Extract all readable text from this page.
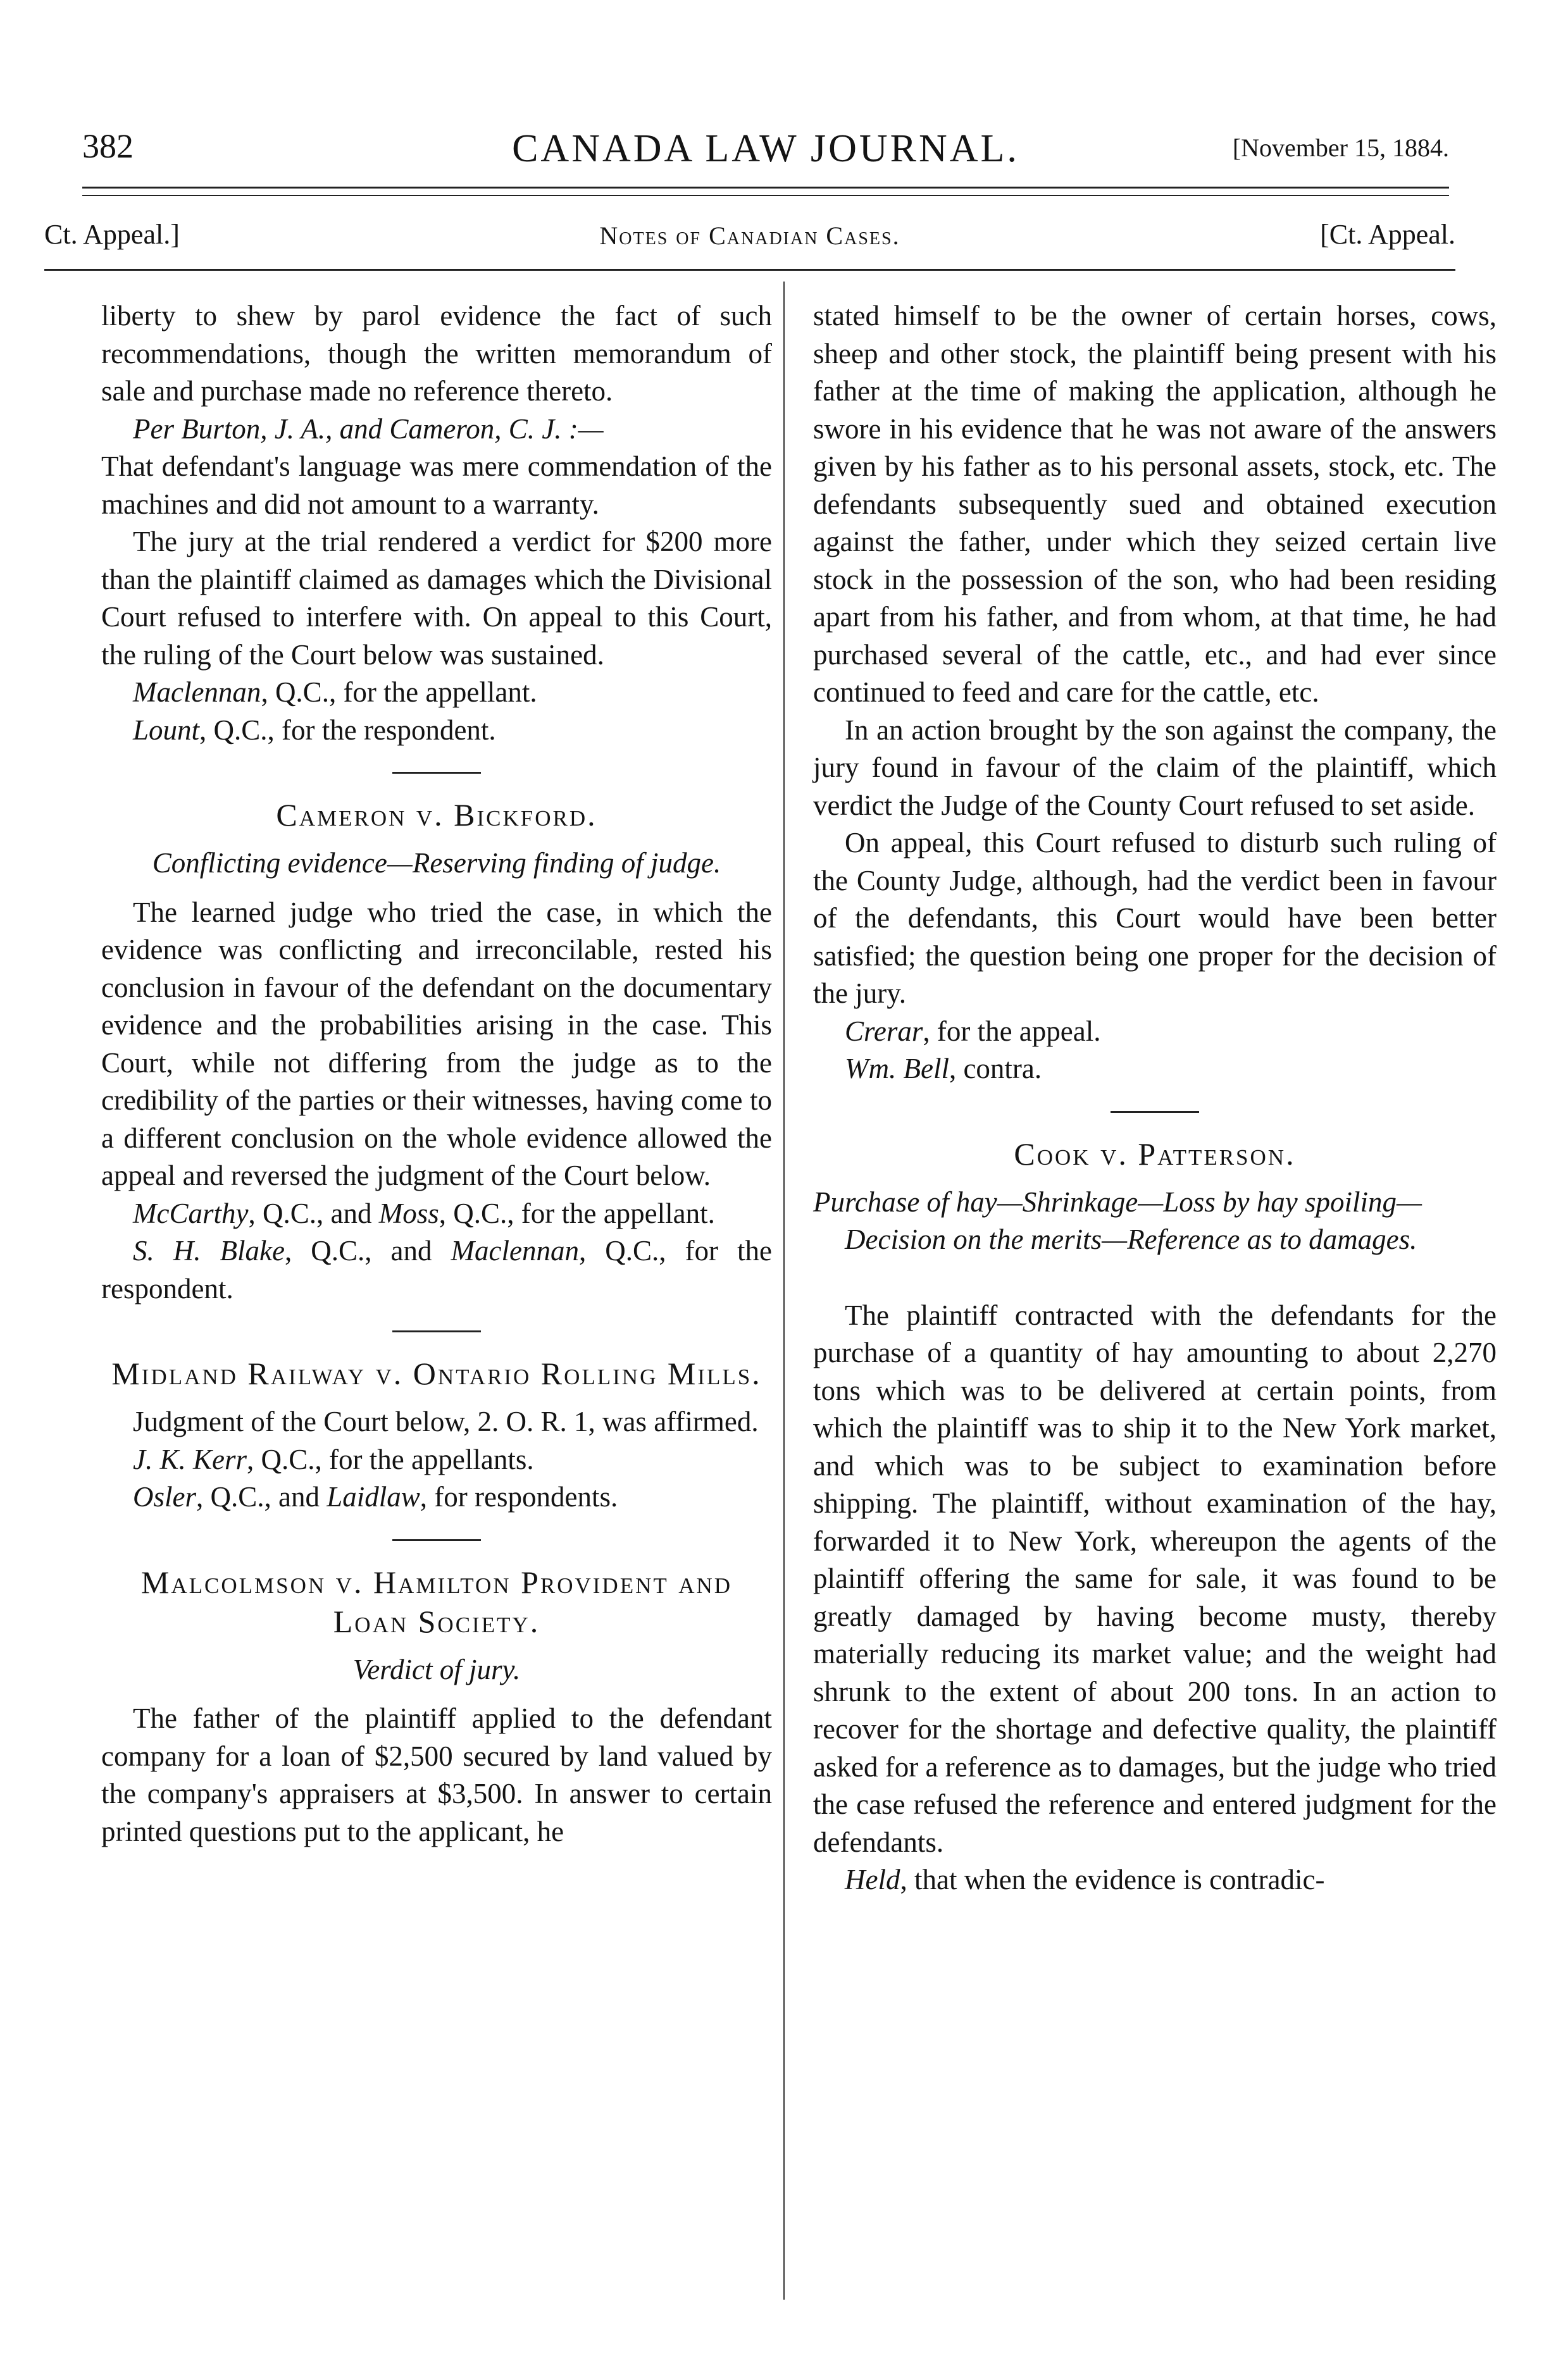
382	CANADA LAW JOURNAL.	[November 15, 1884.
Ct. Appeal.]	Notes of Canadian Cases.	[Ct. Appeal.

liberty to shew by parol evidence the fact of such recommendations, though the written memorandum of sale and purchase made no reference thereto.

Per Burton, J. A., and Cameron, C. J. :—

That defendant's language was mere commendation of the machines and did not amount to a warranty.

The jury at the trial rendered a verdict for $200 more than the plaintiff claimed as damages which the Divisional Court refused to interfere with. On appeal to this Court, the ruling of the Court below was sustained.

Maclennan, Q.C., for the appellant.

Lount, Q.C., for the respondent.

Cameron v. Bickford.
Conflicting evidence—Reserving finding of judge.

The learned judge who tried the case, in which the evidence was conflicting and irreconcilable, rested his conclusion in favour of the defendant on the documentary evidence and the probabilities arising in the case. This Court, while not differing from the judge as to the credibility of the parties or their witnesses, having come to a different conclusion on the whole evidence allowed the appeal and reversed the judgment of the Court below.

McCarthy, Q.C., and Moss, Q.C., for the appellant.

S. H. Blake, Q.C., and Maclennan, Q.C., for the respondent.

Midland Railway v. Ontario Rolling Mills.

Judgment of the Court below, 2. O. R. 1, was affirmed.

J. K. Kerr, Q.C., for the appellants.

Osler, Q.C., and Laidlaw, for respondents.

Malcolmson v. Hamilton Provident and Loan Society.
Verdict of jury.

The father of the plaintiff applied to the defendant company for a loan of $2,500 secured by land valued by the company's appraisers at $3,500. In answer to certain printed questions put to the applicant, he

stated himself to be the owner of certain horses, cows, sheep and other stock, the plaintiff being present with his father at the time of making the application, although he swore in his evidence that he was not aware of the answers given by his father as to his personal assets, stock, etc. The defendants subsequently sued and obtained execution against the father, under which they seized certain live stock in the possession of the son, who had been residing apart from his father, and from whom, at that time, he had purchased several of the cattle, etc., and had ever since continued to feed and care for the cattle, etc.

In an action brought by the son against the company, the jury found in favour of the claim of the plaintiff, which verdict the Judge of the County Court refused to set aside.

On appeal, this Court refused to disturb such ruling of the County Judge, although, had the verdict been in favour of the defendants, this Court would have been better satisfied; the question being one proper for the decision of the jury.

Crerar, for the appeal.

Wm. Bell, contra.

Cook v. Patterson.
Purchase of hay—Shrinkage—Loss by hay spoiling—Decision on the merits—Reference as to damages.

The plaintiff contracted with the defendants for the purchase of a quantity of hay amounting to about 2,270 tons which was to be delivered at certain points, from which the plaintiff was to ship it to the New York market, and which was to be subject to examination before shipping. The plaintiff, without examination of the hay, forwarded it to New York, whereupon the agents of the plaintiff offering the same for sale, it was found to be greatly damaged by having become musty, thereby materially reducing its market value; and the weight had shrunk to the extent of about 200 tons. In an action to recover for the shortage and defective quality, the plaintiff asked for a reference as to damages, but the judge who tried the case refused the reference and entered judgment for the defendants.

Held, that when the evidence is contradic-
